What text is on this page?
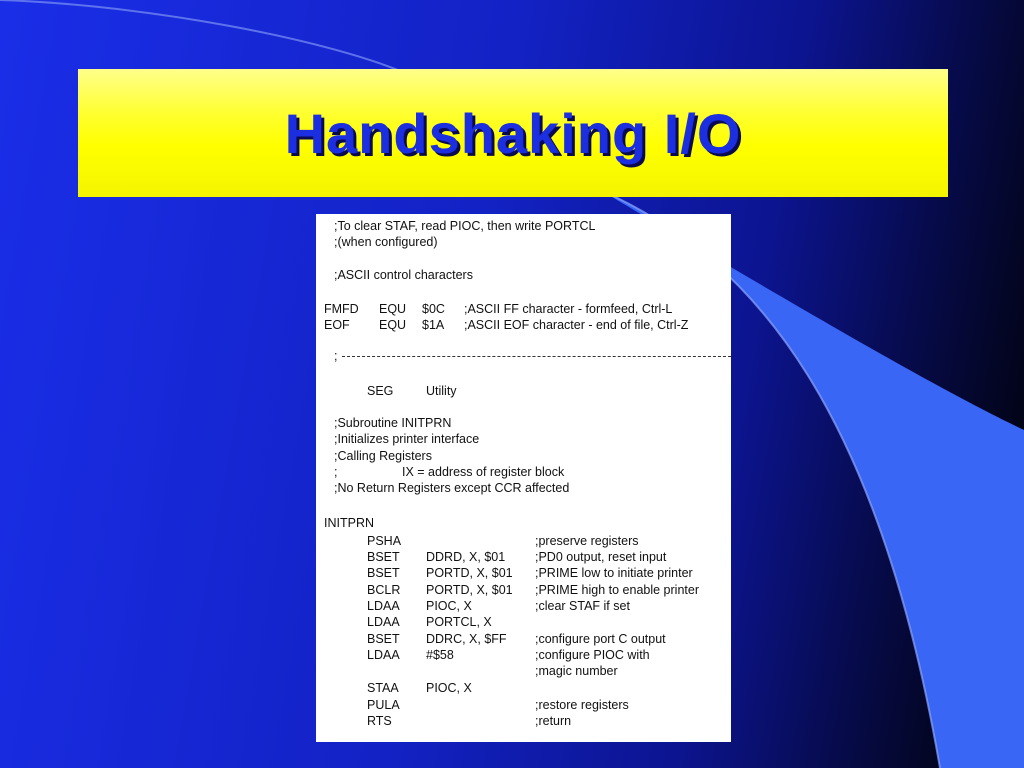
Handshaking I/O
;To clear STAF, read PIOC, then write PORTCL
;(when configured)
;ASCII control characters
FMFD EQU $0C ;ASCII FF character - formfeed, Ctrl-L
EOF EQU $1A ;ASCII EOF character - end of file, Ctrl-Z
;
SEG	Utility
;Subroutine INITPRN
;Initializes printer interface
;Calling Registers
;	IX = address of register block
;No Return Registers except CCR affected
INITPRN
PSHA	;preserve registers
BSET DDRD, X, $01 ;PD0 output, reset input
BSET PORTD, X, $01 ;PRIME low to initiate printer
BCLR PORTD, X, $01 ;PRIME high to enable printer
LDAA PIOC, X	;clear STAF if set
LDAA PORTCL, X
BSET DDRC, X, $FF ;configure port C output
LDAA #$58	;configure PIOC with
;magic number
STAA PIOC, X
PULA	;restore registers
RTS	;return
